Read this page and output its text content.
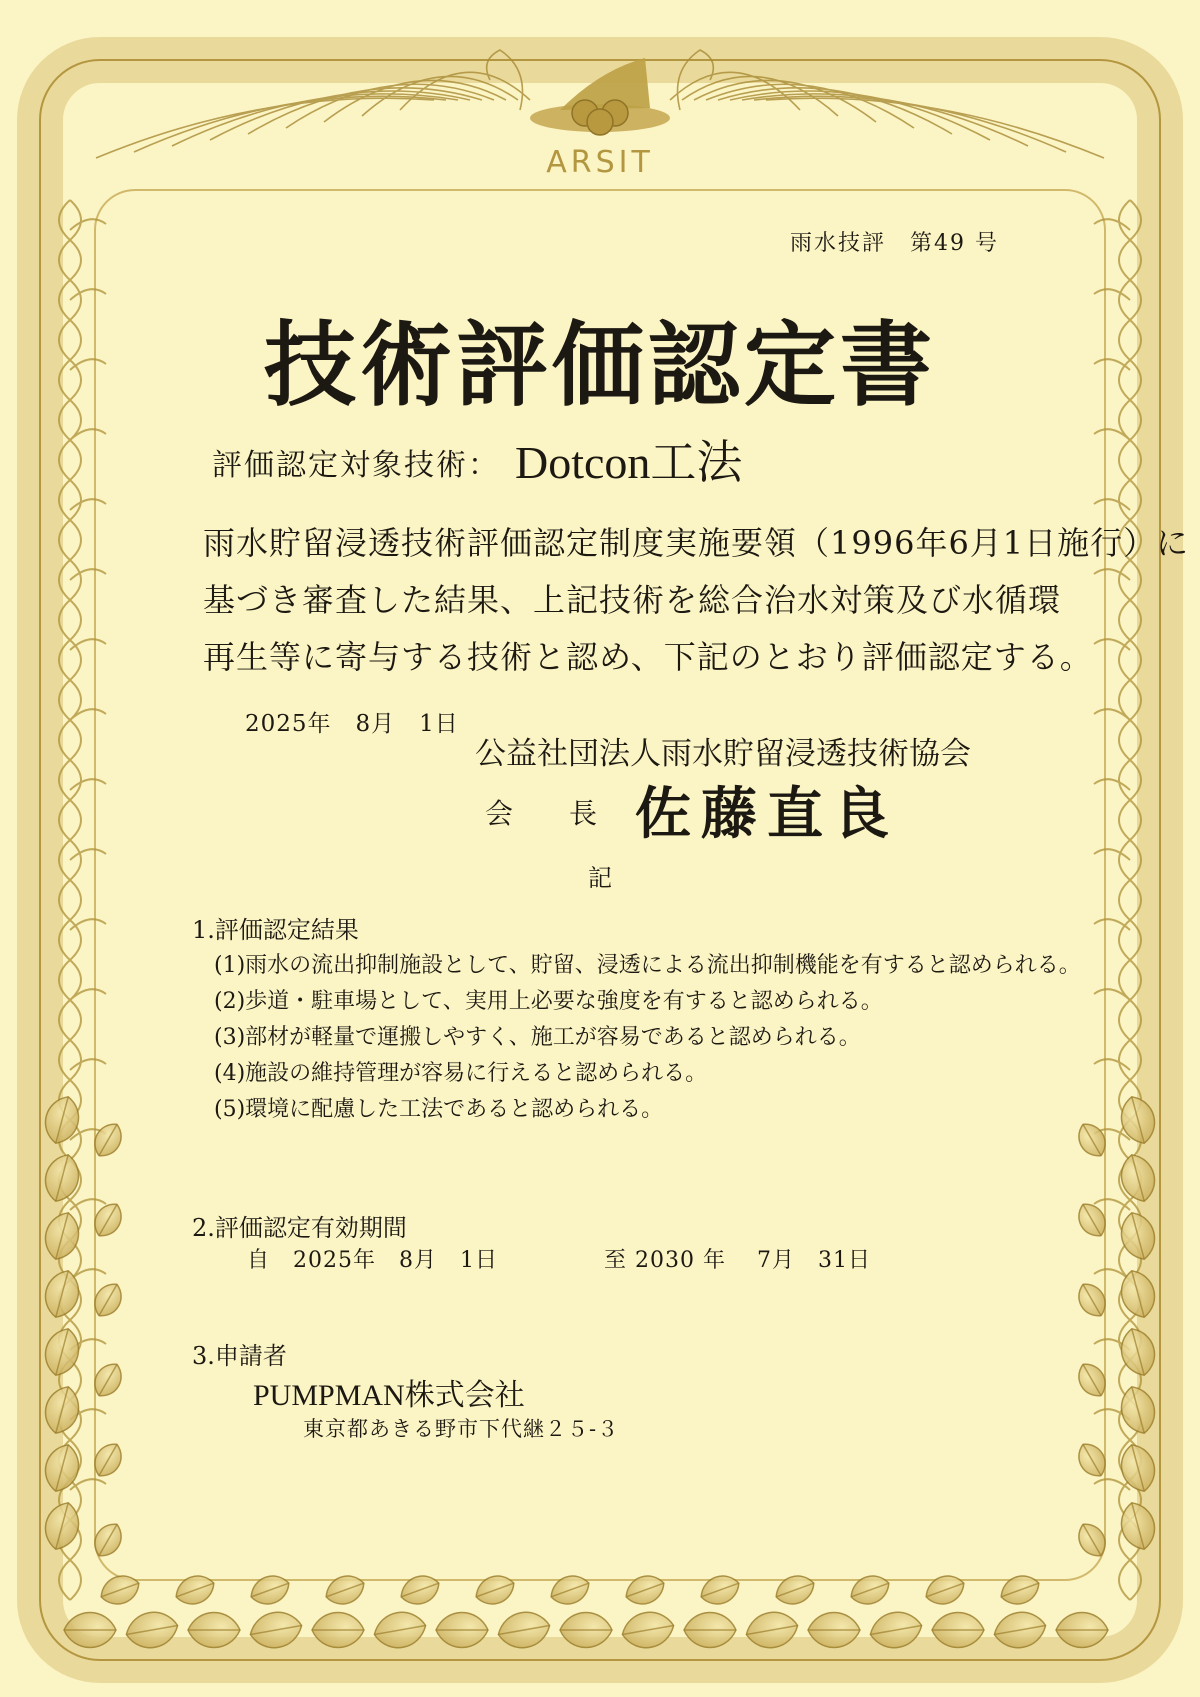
ARSIT
雨水技評　第49 号
技術評価認定書
評価認定対象技術： Dotcon工法
雨水貯留浸透技術評価認定制度実施要領（1996年6月1日施行）に
基づき審査した結果、上記技術を総合治水対策及び水循環
再生等に寄与する技術と認め、下記のとおり評価認定する。
2025年　8月　1日
公益社団法人雨水貯留浸透技術協会
会　　長 佐藤直良
記
1.評価認定結果
(1)雨水の流出抑制施設として、貯留、浸透による流出抑制機能を有すると認められる。
(2)歩道・駐車場として、実用上必要な強度を有すると認められる。
(3)部材が軽量で運搬しやすく、施工が容易であると認められる。
(4)施設の維持管理が容易に行えると認められる。
(5)環境に配慮した工法であると認められる。
2.評価認定有効期間
自　2025年　8月　1日	至 2030 年　 7月　31日
3.申請者
PUMPMAN株式会社
東京都あきる野市下代継２５-３
